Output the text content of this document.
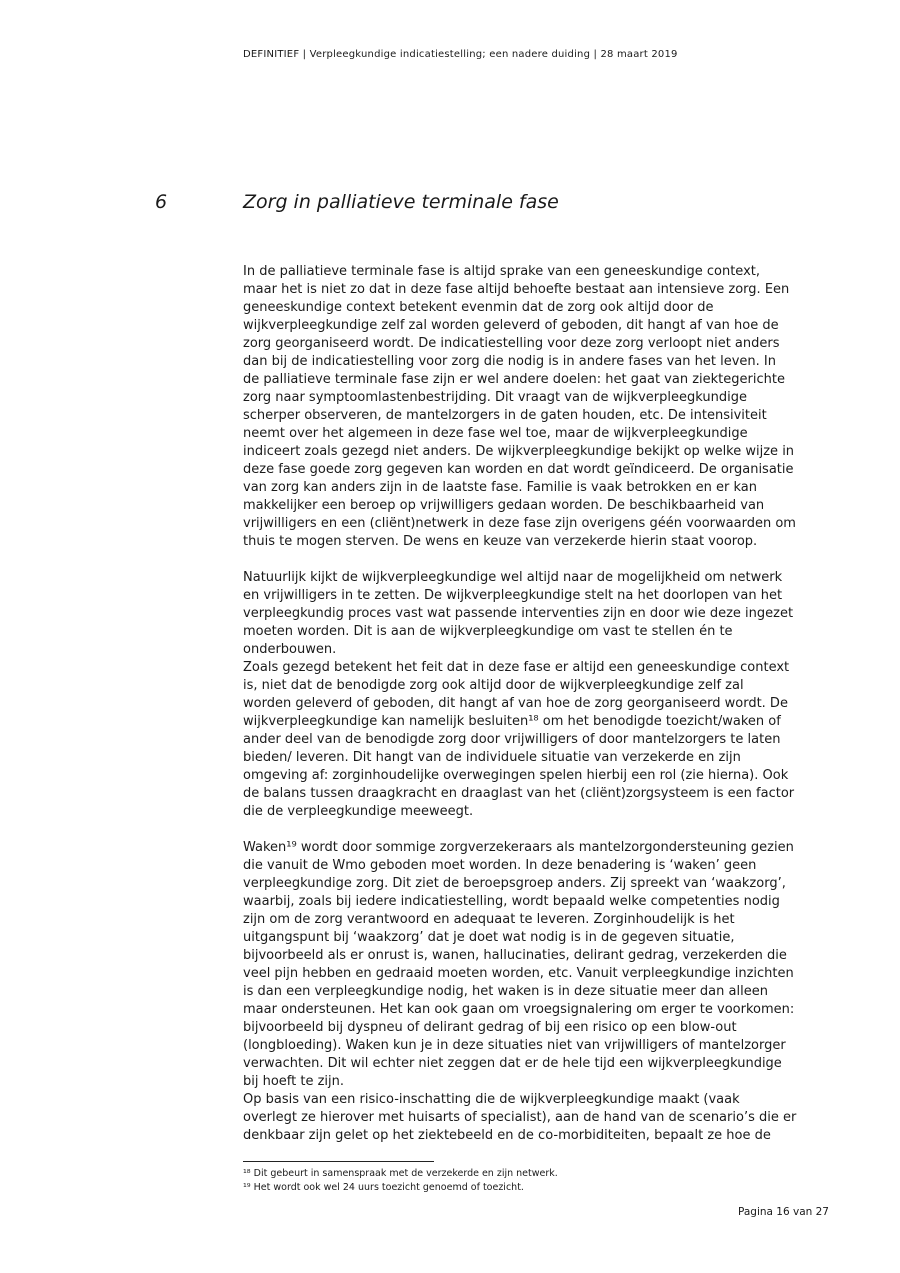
DEFINITIEF | Verpleegkundige indicatiestelling; een nadere duiding | 28 maart 2019
6	Zorg in palliatieve terminale fase
In de palliatieve terminale fase is altijd sprake van een geneeskundige context,
maar het is niet zo dat in deze fase altijd behoefte bestaat aan intensieve zorg. Een
geneeskundige context betekent evenmin dat de zorg ook altijd door de
wijkverpleegkundige zelf zal worden geleverd of geboden, dit hangt af van hoe de
zorg georganiseerd wordt. De indicatiestelling voor deze zorg verloopt niet anders
dan bij de indicatiestelling voor zorg die nodig is in andere fases van het leven. In
de palliatieve terminale fase zijn er wel andere doelen: het gaat van ziektegerichte
zorg naar symptoomlastenbestrijding. Dit vraagt van de wijkverpleegkundige
scherper observeren, de mantelzorgers in de gaten houden, etc. De intensiviteit
neemt over het algemeen in deze fase wel toe, maar de wijkverpleegkundige
indiceert zoals gezegd niet anders. De wijkverpleegkundige bekijkt op welke wijze in
deze fase goede zorg gegeven kan worden en dat wordt geïndiceerd. De organisatie
van zorg kan anders zijn in de laatste fase. Familie is vaak betrokken en er kan
makkelijker een beroep op vrijwilligers gedaan worden. De beschikbaarheid van
vrijwilligers en een (cliënt)netwerk in deze fase zijn overigens géén voorwaarden om
thuis te mogen sterven. De wens en keuze van verzekerde hierin staat voorop.
Natuurlijk kijkt de wijkverpleegkundige wel altijd naar de mogelijkheid om netwerk
en vrijwilligers in te zetten. De wijkverpleegkundige stelt na het doorlopen van het
verpleegkundig proces vast wat passende interventies zijn en door wie deze ingezet
moeten worden. Dit is aan de wijkverpleegkundige om vast te stellen én te
onderbouwen.
Zoals gezegd betekent het feit dat in deze fase er altijd een geneeskundige context
is, niet dat de benodigde zorg ook altijd door de wijkverpleegkundige zelf zal
worden geleverd of geboden, dit hangt af van hoe de zorg georganiseerd wordt. De
wijkverpleegkundige kan namelijk besluiten¹⁸ om het benodigde toezicht/waken of
ander deel van de benodigde zorg door vrijwilligers of door mantelzorgers te laten
bieden/ leveren. Dit hangt van de individuele situatie van verzekerde en zijn
omgeving af: zorginhoudelijke overwegingen spelen hierbij een rol (zie hierna). Ook
de balans tussen draagkracht en draaglast van het (cliënt)zorgsysteem is een factor
die de verpleegkundige meeweegt.
Waken¹⁹ wordt door sommige zorgverzekeraars als mantelzorgondersteuning gezien
die vanuit de Wmo geboden moet worden. In deze benadering is ‘waken’ geen
verpleegkundige zorg. Dit ziet de beroepsgroep anders. Zij spreekt van ‘waakzorg’,
waarbij, zoals bij iedere indicatiestelling, wordt bepaald welke competenties nodig
zijn om de zorg verantwoord en adequaat te leveren. Zorginhoudelijk is het
uitgangspunt bij ‘waakzorg’ dat je doet wat nodig is in de gegeven situatie,
bijvoorbeeld als er onrust is, wanen, hallucinaties, delirant gedrag, verzekerden die
veel pijn hebben en gedraaid moeten worden, etc. Vanuit verpleegkundige inzichten
is dan een verpleegkundige nodig, het waken is in deze situatie meer dan alleen
maar ondersteunen. Het kan ook gaan om vroegsignalering om erger te voorkomen:
bijvoorbeeld bij dyspneu of delirant gedrag of bij een risico op een blow-out
(longbloeding). Waken kun je in deze situaties niet van vrijwilligers of mantelzorger
verwachten. Dit wil echter niet zeggen dat er de hele tijd een wijkverpleegkundige
bij hoeft te zijn.
Op basis van een risico-inschatting die de wijkverpleegkundige maakt (vaak
overlegt ze hierover met huisarts of specialist), aan de hand van de scenario’s die er
denkbaar zijn gelet op het ziektebeeld en de co-morbiditeiten, bepaalt ze hoe de
¹⁸ Dit gebeurt in samenspraak met de verzekerde en zijn netwerk.
¹⁹ Het wordt ook wel 24 uurs toezicht genoemd of toezicht.
Pagina 16 van 27
